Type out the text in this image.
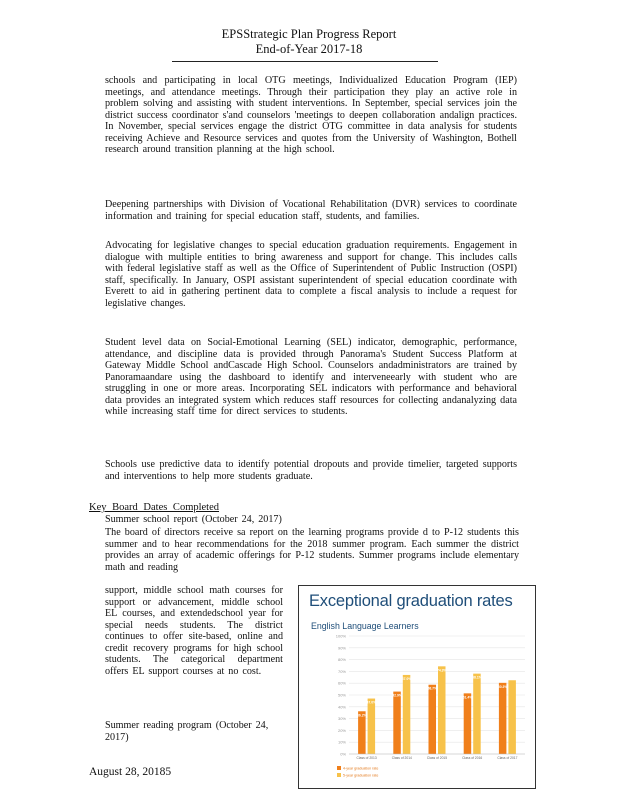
EPSStrategic Plan Progress Report
End-of-Year 2017-18

schools and participating in local OTG meetings, Individualized Education Program (IEP) meetings, and attendance meetings. Through their participation they play an active role in problem solving and assisting with student interventions. In September, special services join the district success coordinator s'and counselors 'meetings to deepen collaboration andalign practices. In November, special services engage the district OTG committee in data analysis for students receiving Achieve and Resource services and quotes from the University of Washington, Bothell research around transition planning at the high school.

Deepening partnerships with Division of Vocational Rehabilitation (DVR) services to coordinate information and training for special education staff, students, and families.
Advocating for legislative changes to special education graduation requirements. Engagement in dialogue with multiple entities to bring awareness and support for change. This includes calls with federal legislative staff as well as the Office of Superintendent of Public Instruction (OSPI) staff, specifically. In January, OSPI assistant superintendent of special education coordinate with Everett to aid in gathering pertinent data to complete a fiscal analysis to include a request for legislative changes.
Student level data on Social-Emotional Learning (SEL) indicator, demographic, performance, attendance, and discipline data is provided through Panorama's Student Success Platform at Gateway Middle School andCascade High School. Counselors andadministrators are trained by Panoramaandare using the dashboard to identify and interveneearly with student who are struggling in one or more areas. Incorporating SEL indicators with performance and behavioral data provides an integrated system which reduces staff resources for collecting andanalyzing data while increasing staff time for direct services to students.
Schools use predictive data to identify potential dropouts and provide timelier, targeted supports and interventions to help more students graduate.
Key Board Dates Completed
Summer school report (October 24, 2017)
The board of directors receive sa report on the learning programs provide d to P-12 students this summer and to hear recommendations for the 2018 summer program. Each summer the district provides an array of academic offerings for P-12 students. Summer programs include elementary math and reading
support, middle school math courses for support or advancement, middle school EL courses, and extendedschool year for special needs students. The district continues to offer site-based, online and credit recovery programs for high school students. The categorical department offers EL support courses at no cost.
Summer reading program (October 24, 2017)
August 28, 20185
Exceptional graduation rates
English Language Learners
0%
10%
20%
30%
40%
50%
60%
70%
80%
90%
100%
36.2%
47.0%
Class of 2013
52.9%
67.0%
Class of 2014
58.7%
74.3%
Class of 2015
51.4%
68.1%
Class of 2016
60.3%
Class of 2017
4-year graduation rate
5-year graduation rate
